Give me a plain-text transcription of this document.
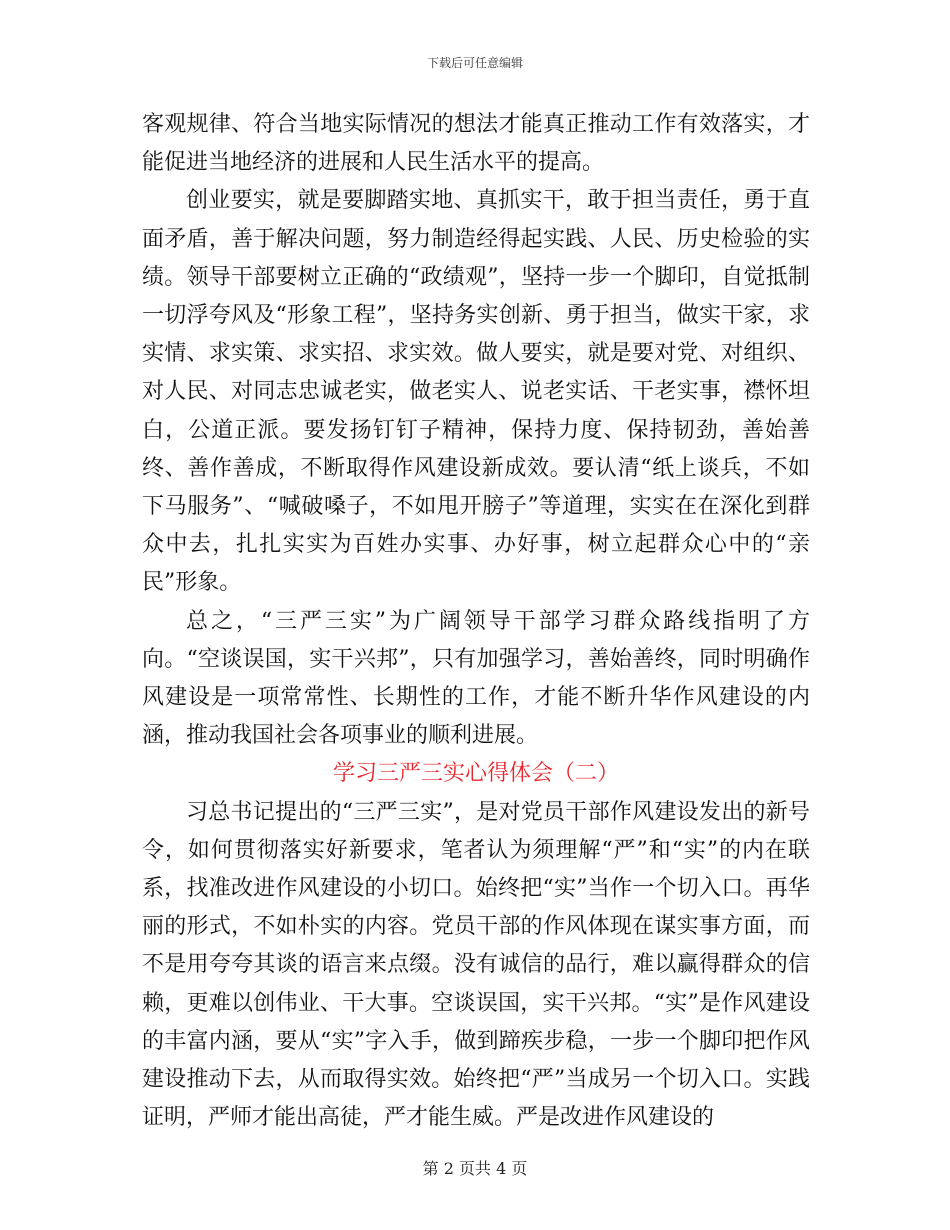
下载后可任意编辑

客观规律、符合当地实际情况的想法才能真正推动工作有效落实，才能促进当地经济的进展和人民生活水平的提高。

创业要实，就是要脚踏实地、真抓实干，敢于担当责任，勇于直面矛盾，善于解决问题，努力制造经得起实践、人民、历史检验的实绩。领导干部要树立正确的“政绩观”，坚持一步一个脚印，自觉抵制一切浮夸风及“形象工程”，坚持务实创新、勇于担当，做实干家，求实情、求实策、求实招、求实效。做人要实，就是要对党、对组织、对人民、对同志忠诚老实，做老实人、说老实话、干老实事，襟怀坦白，公道正派。要发扬钉钉子精神，保持力度、保持韧劲，善始善终、善作善成，不断取得作风建设新成效。要认清“纸上谈兵，不如下马服务”、“喊破嗓子，不如甩开膀子”等道理，实实在在深化到群众中去，扎扎实实为百姓办实事、办好事，树立起群众心中的“亲民”形象。

总之，“三严三实”为广阔领导干部学习群众路线指明了方向。“空谈误国，实干兴邦”，只有加强学习，善始善终，同时明确作风建设是一项常常性、长期性的工作，才能不断升华作风建设的内涵，推动我国社会各项事业的顺利进展。

学习三严三实心得体会（二）

习总书记提出的“三严三实”，是对党员干部作风建设发出的新号令，如何贯彻落实好新要求，笔者认为须理解“严”和“实”的内在联系，找准改进作风建设的小切口。始终把“实”当作一个切入口。再华丽的形式，不如朴实的内容。党员干部的作风体现在谋实事方面，而不是用夸夸其谈的语言来点缀。没有诚信的品行，难以赢得群众的信赖，更难以创伟业、干大事。空谈误国，实干兴邦。“实”是作风建设的丰富内涵，要从“实”字入手，做到蹄疾步稳，一步一个脚印把作风建设推动下去，从而取得实效。始终把“严”当成另一个切入口。实践证明，严师才能出高徒，严才能生威。严是改进作风建设的

第 2 页共 4 页
